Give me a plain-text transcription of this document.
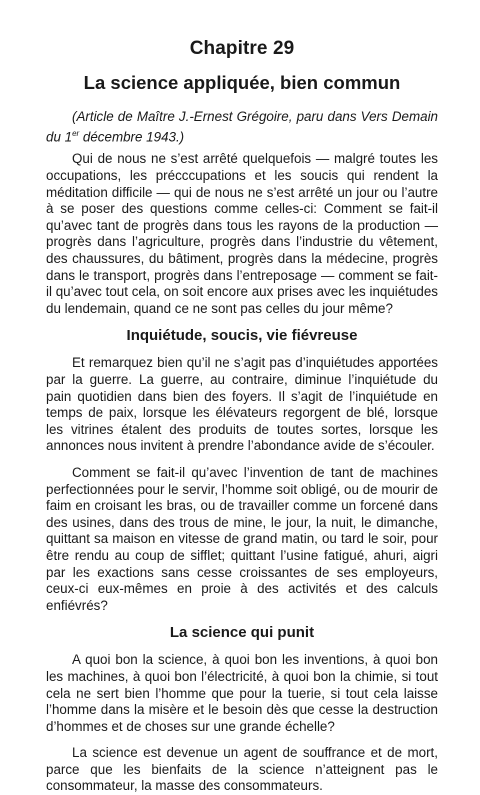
Chapitre 29
La science appliquée, bien commun

(Article de Maître J.-Ernest Grégoire, paru dans Vers Demain du 1er décembre 1943.)

Qui de nous ne s’est arrêté quelquefois — malgré toutes les occupations, les précccupations et les soucis qui rendent la méditation difficile — qui de nous ne s’est arrêté un jour ou l’autre à se poser des questions comme celles-ci: Comment se fait-il qu’avec tant de progrès dans tous les rayons de la production — progrès dans l’agriculture, progrès dans l’industrie du vêtement, des chaussures, du bâtiment, progrès dans la médecine, progrès dans le transport, progrès dans l’entreposage — comment se fait-il qu’avec tout cela, on soit encore aux prises avec les inquiétudes du lendemain, quand ce ne sont pas celles du jour même?

Inquiétude, soucis, vie fiévreuse

Et remarquez bien qu’il ne s’agit pas d’inquiétudes apportées par la guerre. La guerre, au contraire, diminue l’inquiétude du pain quotidien dans bien des foyers. Il s’agit de l’inquiétude en temps de paix, lorsque les élévateurs regorgent de blé, lorsque les vitrines étalent des produits de toutes sortes, lorsque les annonces nous invitent à prendre l’abondance avide de s’écouler.

Comment se fait-il qu’avec l’invention de tant de machines perfectionnées pour le servir, l’homme soit obligé, ou de mourir de faim en croisant les bras, ou de travailler comme un forcené dans des usines, dans des trous de mine, le jour, la nuit, le dimanche, quittant sa maison en vitesse de grand matin, ou tard le soir, pour être rendu au coup de sifflet; quittant l’usine fatigué, ahuri, aigri par les exactions sans cesse croissantes de ses employeurs, ceux-ci eux-mêmes en proie à des activités et des calculs enfiévrés?

La science qui punit

A quoi bon la science, à quoi bon les inventions, à quoi bon les machines, à quoi bon l’électricité, à quoi bon la chimie, si tout cela ne sert bien l’homme que pour la tuerie, si tout cela laisse l’homme dans la misère et le besoin dès que cesse la destruction d’hommes et de choses sur une grande échelle?

La science est devenue un agent de souffrance et de mort, parce que les bienfaits de la science n’atteignent pas le consommateur, la masse des consommateurs.
